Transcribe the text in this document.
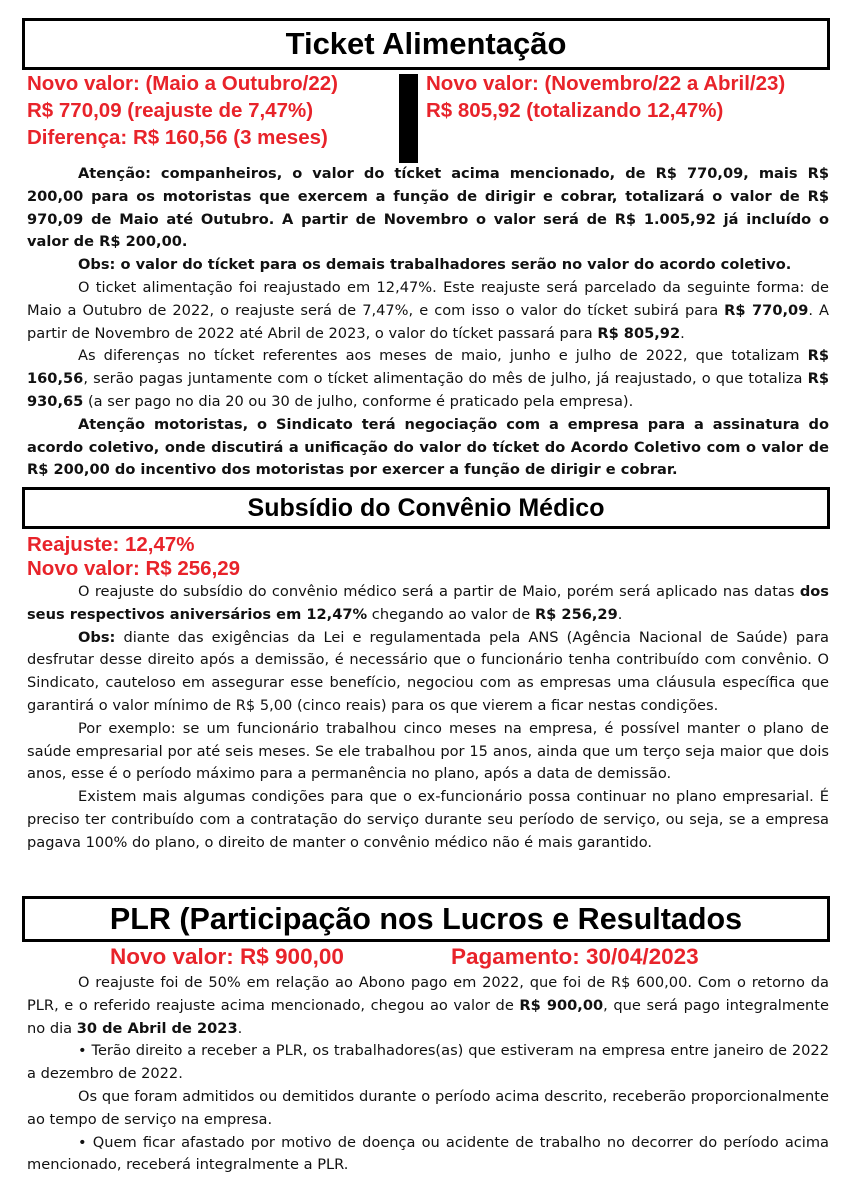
Ticket Alimentação
Novo valor: (Maio a Outubro/22)
R$ 770,09 (reajuste de 7,47%)
Diferença: R$ 160,56 (3 meses)
Novo valor: (Novembro/22 a Abril/23)
R$ 805,92 (totalizando 12,47%)

Atenção: companheiros, o valor do tícket acima mencionado, de R$ 770,09, mais R$ 200,00 para os motoristas que exercem a função de dirigir e cobrar, totalizará o valor de R$ 970,09 de Maio até Outubro. A partir de Novembro o valor será de R$ 1.005,92 já incluído o valor de R$ 200,00.

Obs: o valor do tícket para os demais trabalhadores serão no valor do acordo coletivo.

O ticket alimentação foi reajustado em 12,47%. Este reajuste será parcelado da seguinte forma: de Maio a Outubro de 2022, o reajuste será de 7,47%, e com isso o valor do tícket subirá para R$ 770,09. A partir de Novembro de 2022 até Abril de 2023, o valor do tícket passará para R$ 805,92.

As diferenças no tícket referentes aos meses de maio, junho e julho de 2022, que totalizam R$ 160,56, serão pagas juntamente com o tícket alimentação do mês de julho, já reajustado, o que totaliza R$ 930,65 (a ser pago no dia 20 ou 30 de julho, conforme é praticado pela empresa).

Atenção motoristas, o Sindicato terá negociação com a empresa para a assinatura do acordo coletivo, onde discutirá a unificação do valor do tícket do Acordo Coletivo com o valor de R$ 200,00 do incentivo dos motoristas por exercer a função de dirigir e cobrar.

Subsídio do Convênio Médico
Reajuste: 12,47%
Novo valor: R$ 256,29

O reajuste do subsídio do convênio médico será a partir de Maio, porém será aplicado nas datas dos seus respectivos aniversários em 12,47% chegando ao valor de R$ 256,29.

Obs: diante das exigências da Lei e regulamentada pela ANS (Agência Nacional de Saúde) para desfrutar desse direito após a demissão, é necessário que o funcionário tenha contribuído com convênio. O Sindicato, cauteloso em assegurar esse benefício, negociou com as empresas uma cláusula específica que garantirá o valor mínimo de R$ 5,00 (cinco reais) para os que vierem a ficar nestas condições.

Por exemplo: se um funcionário trabalhou cinco meses na empresa, é possível manter o plano de saúde empresarial por até seis meses. Se ele trabalhou por 15 anos, ainda que um terço seja maior que dois anos, esse é o período máximo para a permanência no plano, após a data de demissão.

Existem mais algumas condições para que o ex-funcionário possa continuar no plano empresarial. É preciso ter contribuído com a contratação do serviço durante seu período de serviço, ou seja, se a empresa pagava 100% do plano, o direito de manter o convênio médico não é mais garantido.

PLR (Participação nos Lucros e Resultados
Novo valor: R$ 900,00	Pagamento: 30/04/2023

O reajuste foi de 50% em relação ao Abono pago em 2022, que foi de R$ 600,00. Com o retorno da PLR, e o referido reajuste acima mencionado, chegou ao valor de R$ 900,00, que será pago integralmente no dia 30 de Abril de 2023.

• Terão direito a receber a PLR, os trabalhadores(as) que estiveram na empresa entre janeiro de 2022 a dezembro de 2022.

Os que foram admitidos ou demitidos durante o período acima descrito, receberão proporcionalmente ao tempo de serviço na empresa.

• Quem ficar afastado por motivo de doença ou acidente de trabalho no decorrer do período acima mencionado, receberá integralmente a PLR.
